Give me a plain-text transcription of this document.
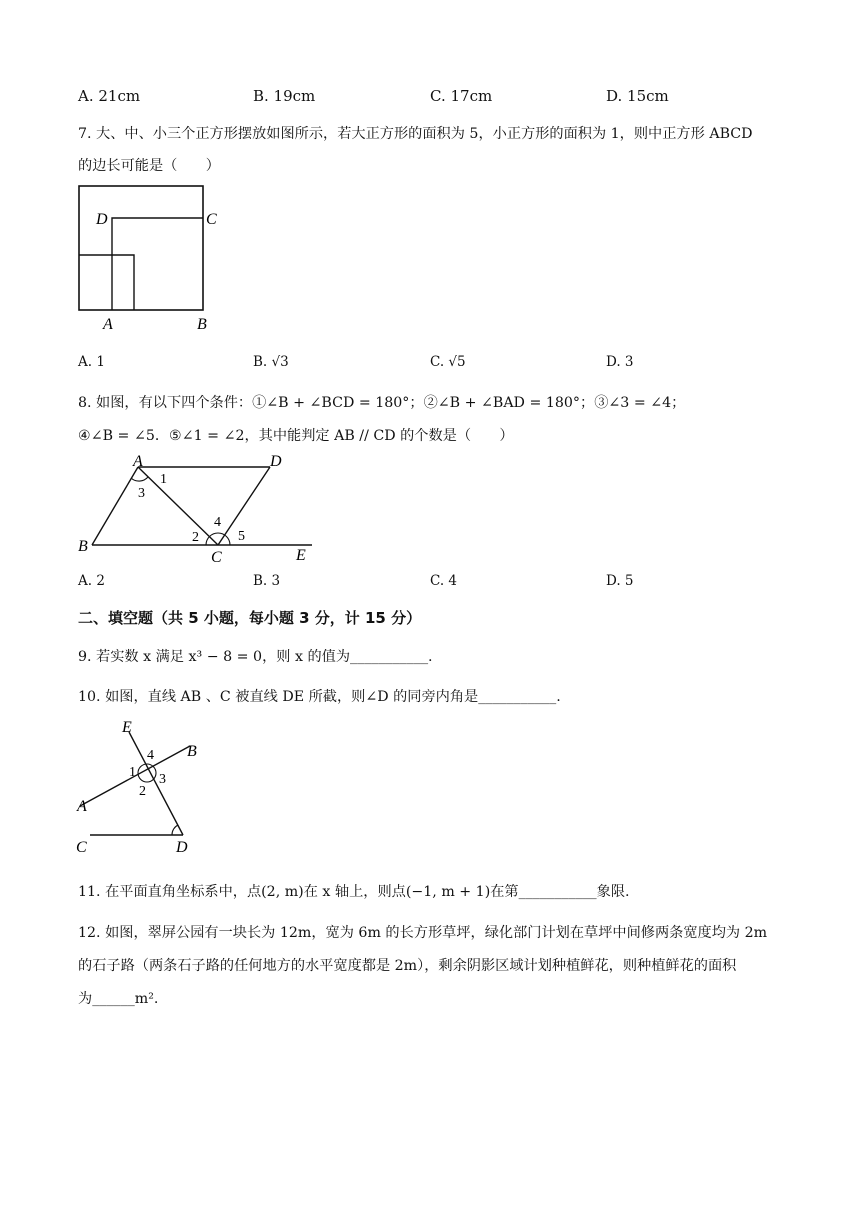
A. 21cm	B. 19cm	C. 17cm	D. 15cm
7. 大、中、小三个正方形摆放如图所示，若大正方形的面积为 5，小正方形的面积为 1，则中正方形 ABCD
的边长可能是（　　）
D	C
A	B
A. 1	B. √3	C. √5	D. 3
8. 如图，有以下四个条件：①∠B + ∠BCD = 180°；②∠B + ∠BAD = 180°；③∠3 = ∠4；
④∠B = ∠5．⑤∠1 = ∠2，其中能判定 AB // CD 的个数是（　　）
A	D
B
C	E
1
3
2
4
5
A. 2	B. 3	C. 4	D. 5
二、填空题（共 5 小题，每小题 3 分，计 15 分）
9. 若实数 x 满足 x³ − 8 = 0，则 x 的值为___________.
10. 如图，直线 AB 、C 被直线 DE 所截，则∠D 的同旁内角是___________.
E
B
A
C	D
4
1 3
2
11. 在平面直角坐标系中，点(2, m)在 x 轴上，则点(−1, m + 1)在第___________象限.
12. 如图，翠屏公园有一块长为 12m，宽为 6m 的长方形草坪，绿化部门计划在草坪中间修两条宽度均为 2m
的石子路（两条石子路的任何地方的水平宽度都是 2m），剩余阴影区域计划种植鲜花，则种植鲜花的面积
为______m².
